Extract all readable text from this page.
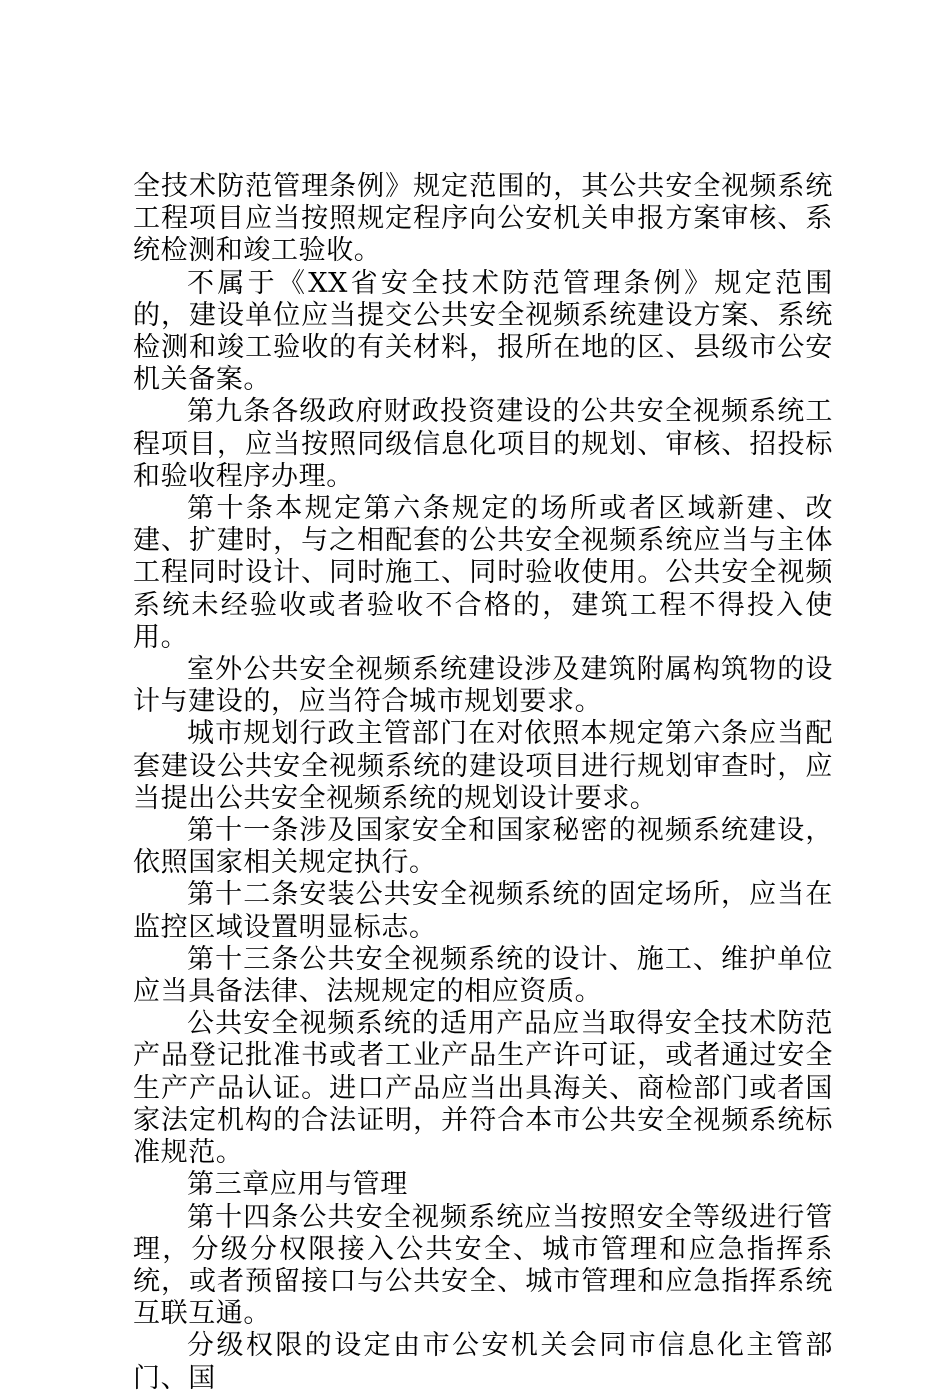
全技术防范管理条例》规定范围的，其公共安全视频系统工程项目应当按照规定程序向公安机关申报方案审核、系统检测和竣工验收。

不属于《XX省安全技术防范管理条例》规定范围的，建设单位应当提交公共安全视频系统建设方案、系统检测和竣工验收的有关材料，报所在地的区、县级市公安机关备案。

第九条各级政府财政投资建设的公共安全视频系统工程项目，应当按照同级信息化项目的规划、审核、招投标和验收程序办理。

第十条本规定第六条规定的场所或者区域新建、改建、扩建时，与之相配套的公共安全视频系统应当与主体工程同时设计、同时施工、同时验收使用。公共安全视频系统未经验收或者验收不合格的，建筑工程不得投入使用。

室外公共安全视频系统建设涉及建筑附属构筑物的设计与建设的，应当符合城市规划要求。

城市规划行政主管部门在对依照本规定第六条应当配套建设公共安全视频系统的建设项目进行规划审查时，应当提出公共安全视频系统的规划设计要求。

第十一条涉及国家安全和国家秘密的视频系统建设，依照国家相关规定执行。

第十二条安装公共安全视频系统的固定场所，应当在监控区域设置明显标志。

第十三条公共安全视频系统的设计、施工、维护单位应当具备法律、法规规定的相应资质。

公共安全视频系统的适用产品应当取得安全技术防范产品登记批准书或者工业产品生产许可证，或者通过安全生产产品认证。进口产品应当出具海关、商检部门或者国家法定机构的合法证明，并符合本市公共安全视频系统标准规范。

第三章应用与管理

第十四条公共安全视频系统应当按照安全等级进行管理，分级分权限接入公共安全、城市管理和应急指挥系统，或者预留接口与公共安全、城市管理和应急指挥系统互联互通。

分级权限的设定由市公安机关会同市信息化主管部门、国
